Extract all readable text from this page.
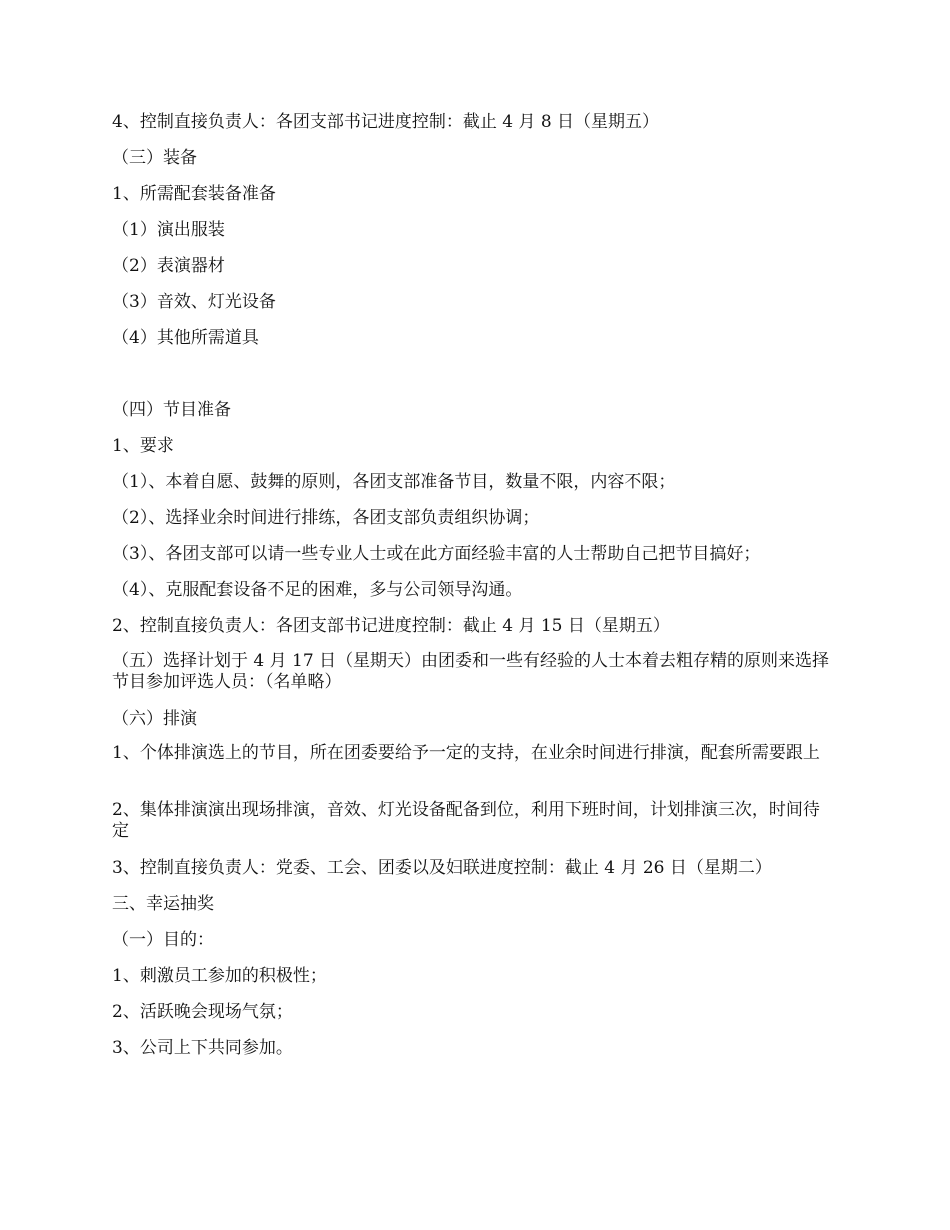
4、控制直接负责人：各团支部书记进度控制：截止 4 月 8 日（星期五）

（三）装备

1、所需配套装备准备

（1）演出服装

（2）表演器材

（3）音效、灯光设备

（4）其他所需道具

（四）节目准备

1、要求

（1）、本着自愿、鼓舞的原则，各团支部准备节目，数量不限，内容不限；

（2）、选择业余时间进行排练，各团支部负责组织协调；

（3）、各团支部可以请一些专业人士或在此方面经验丰富的人士帮助自己把节目搞好；

（4）、克服配套设备不足的困难，多与公司领导沟通。

2、控制直接负责人：各团支部书记进度控制：截止 4 月 15 日（星期五）

（五）选择计划于 4 月 17 日（星期天）由团委和一些有经验的人士本着去粗存精的原则来选择节目参加评选人员：（名单略）

（六）排演

1、个体排演选上的节目，所在团委要给予一定的支持，在业余时间进行排演，配套所需要跟上

2、集体排演演出现场排演，音效、灯光设备配备到位，利用下班时间，计划排演三次，时间待定

3、控制直接负责人：党委、工会、团委以及妇联进度控制：截止 4 月 26 日（星期二）

三、幸运抽奖

（一）目的：

1、刺激员工参加的积极性；

2、活跃晚会现场气氛；

3、公司上下共同参加。
